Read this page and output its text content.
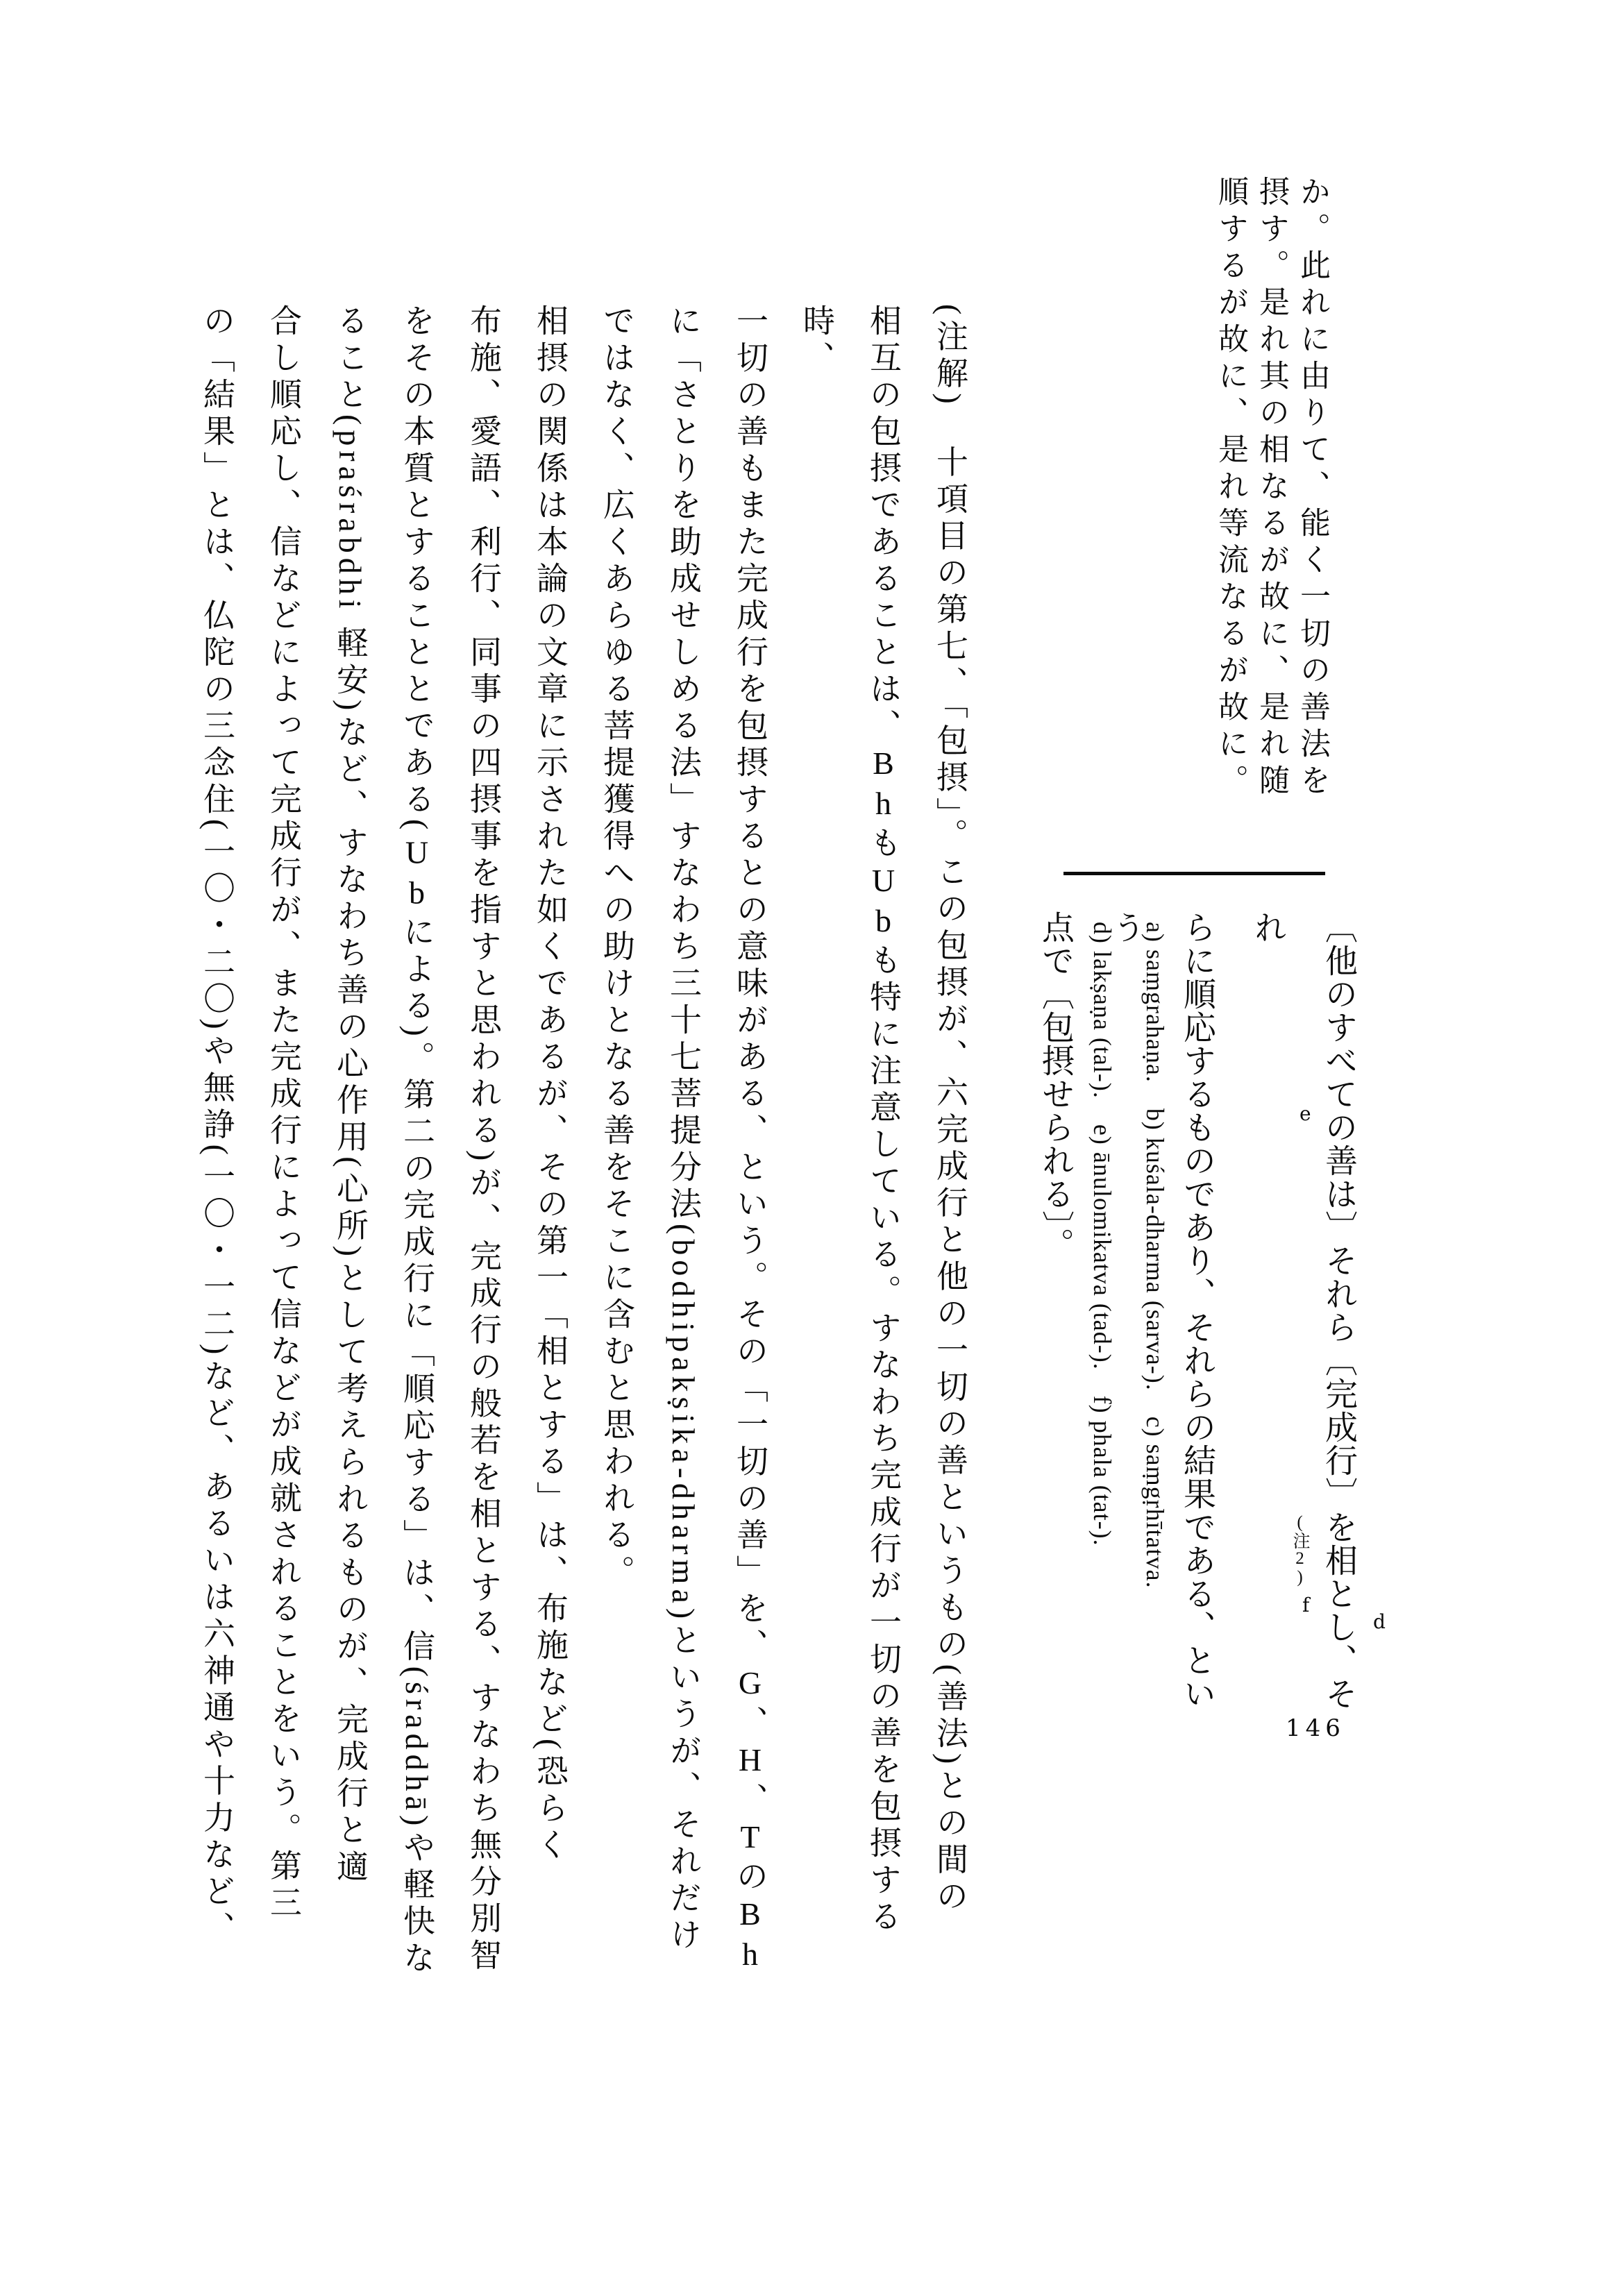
か。此れに由りて、能く一切の善法を

摂す。是れ其の相なるが故に、是れ随

順するが故に、是れ等流なるが故に。

〔他のすべての善は〕それら〔完成行〕を相とし、それ

らに順応するものであり、それらの結果である、という

点で〔包摂せられる〕。	e
(注2)
f
d

a) saṃgrahaṇa.　b) kuśala-dharma (sarva-).　c) saṃgṛhītatva.

d) lakṣaṇa (tal-).　e) ānulomikatva (tad-).　f) phala (tat-).

146

(注解)　十項目の第七、「包摂」。この包摂が、六完成行と他の一切の善というもの(善法)との間の

相互の包摂であることは、BhもUbも特に注意している。すなわち完成行が一切の善を包摂する時、

一切の善もまた完成行を包摂するとの意味がある、という。その「一切の善」を、G、H、TのBh

に「さとりを助成せしめる法」すなわち三十七菩提分法(bodhipakṣika-dharma)というが、それだけ

ではなく、広くあらゆる菩提獲得への助けとなる善をそこに含むと思われる。

相摂の関係は本論の文章に示された如くであるが、その第一「相とする」は、布施など(恐らく

布施、愛語、利行、同事の四摂事を指すと思われる)が、完成行の般若を相とする、すなわち無分別智

をその本質とすることとである(Ubによる)。第二の完成行に「順応する」は、信(śraddhā)や軽快な

ること(praśrabdhi 軽安)など、すなわち善の心作用(心所)として考えられるものが、完成行と適

合し順応し、信などによって完成行が、また完成行によって信などが成就されることをいう。第三

の「結果」とは、仏陀の三念住(一〇・二〇)や無諍(一〇・一二)など、あるいは六神通や十力など、
